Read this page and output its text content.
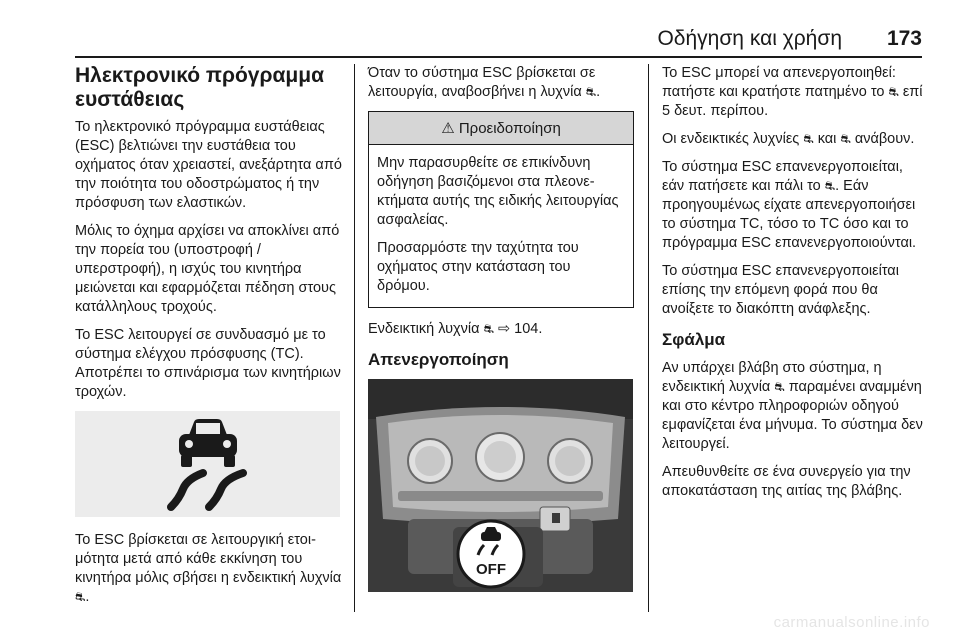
Οδήγηση και χρήση 173
Ηλεκτρονικό πρόγραμμα ευστάθειας

Το ηλεκτρονικό πρόγραμμα ευστάθειας (ESC) βελτιώνει την ευστάθεια του οχήματος όταν χρειαστεί, ανεξάρτητα από την ποιότητα του οδοστρώματος ή την πρόσφυση των ελαστικών.

Μόλις το όχημα αρχίσει να αποκλίνει από την πορεία του (υποστροφή / υπερστροφή), η ισχύς του κινητήρα μειώνεται και εφαρμόζεται πέδηση στους κατάλληλους τροχούς.

Το ESC λειτουργεί σε συνδυασμό με το σύστημα ελέγχου πρόσφυσης (TC). Αποτρέπει το σπινάρισμα των κινητήριων τροχών.

Το ESC βρίσκεται σε λειτουργική ετοιμότητα μετά από κάθε εκκίνηση του κινητήρα μόλις σβήσει η ενδεικτική λυχνία ⛐.

Όταν το σύστημα ESC βρίσκεται σε λειτουργία, αναβοσβήνει η λυχνία ⛐.

⚠ Προειδοποίηση

Μην παρασυρθείτε σε επικίνδυνη οδήγηση βασιζόμενοι στα πλεονεκτήματα αυτής της ειδικής λειτουργίας ασφαλείας.

Προσαρμόστε την ταχύτητα του οχήματος στην κατάσταση του δρόμου.

Ενδεικτική λυχνία ⛐ ⇨ 104.

Απενεργοποίηση
OFF

Το ESC μπορεί να απενεργοποιηθεί: πατήστε και κρατήστε πατημένο το ⛐ επί 5 δευτ. περίπου.

Οι ενδεικτικές λυχνίες ⛐ και ⛐ ανάβουν.

Το σύστημα ESC επανενεργοποιείται, εάν πατήσετε και πάλι το ⛐. Εάν προηγουμένως είχατε απενεργοποιήσει το σύστημα TC, τόσο το TC όσο και το πρόγραμμα ESC επανενεργοποιούνται.

Το σύστημα ESC επανενεργοποιείται επίσης την επόμενη φορά που θα ανοίξετε το διακόπτη ανάφλεξης.

Σφάλμα

Αν υπάρχει βλάβη στο σύστημα, η ενδεικτική λυχνία ⛐ παραμένει αναμμένη και στο κέντρο πληροφοριών οδηγού εμφανίζεται ένα μήνυμα. Το σύστημα δεν λειτουργεί.

Απευθυνθείτε σε ένα συνεργείο για την αποκατάσταση της αιτίας της βλάβης.

carmanualsonline.info
